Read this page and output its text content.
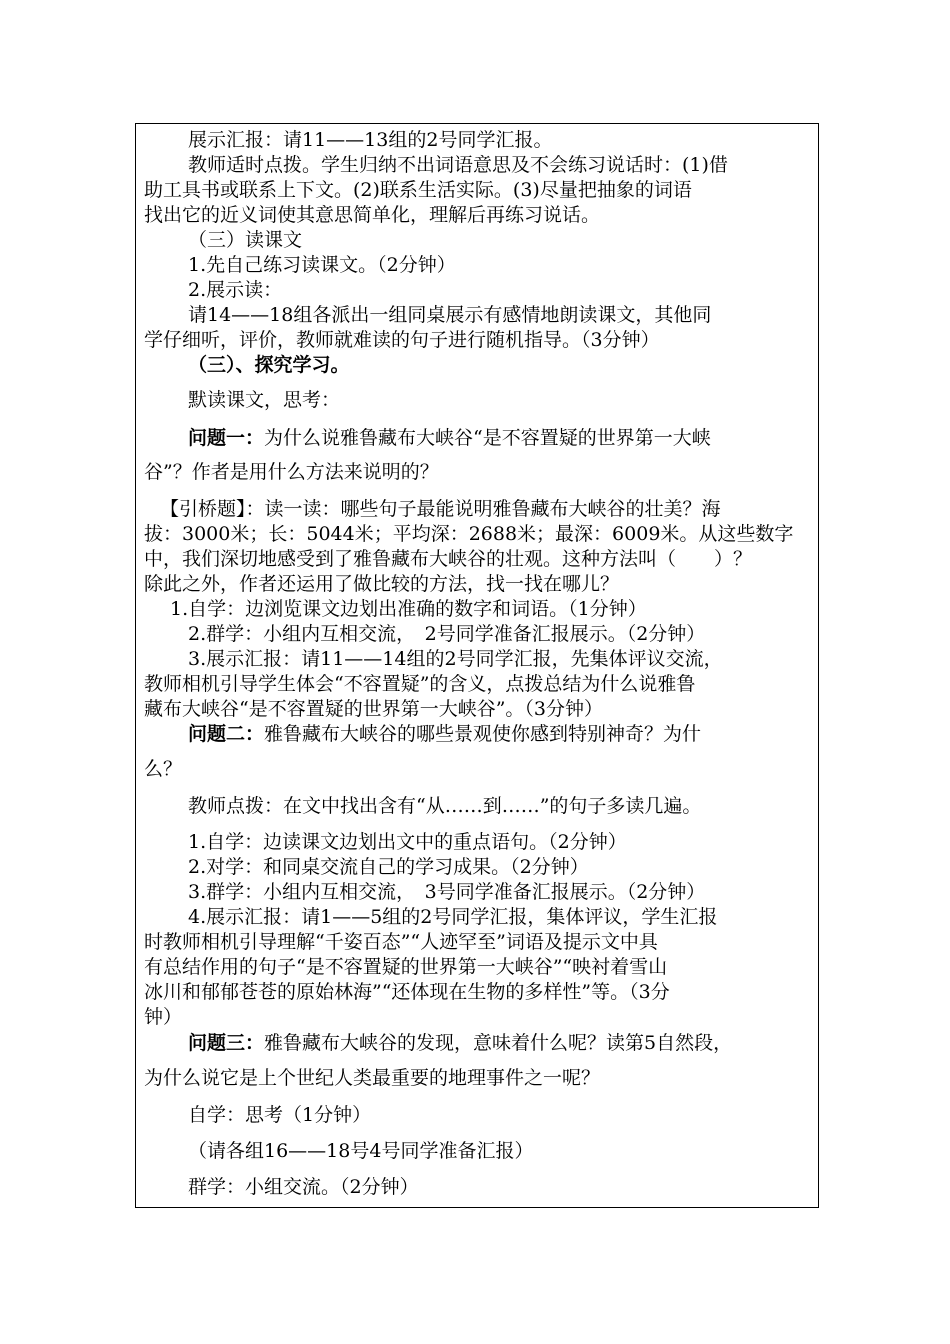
展示汇报：请11——13组的2号同学汇报。

教师适时点拨。学生归纳不出词语意思及不会练习说话时：(1)借

助工具书或联系上下文。(2)联系生活实际。(3)尽量把抽象的词语

找出它的近义词使其意思简单化，理解后再练习说话。

（三）读课文

1.先自己练习读课文。（2分钟）

2.展示读：

请14——18组各派出一组同桌展示有感情地朗读课文，其他同

学仔细听，评价，教师就难读的句子进行随机指导。（3分钟）

（三）、探究学习。

默读课文，思考：

问题一：为什么说雅鲁藏布大峡谷“是不容置疑的世界第一大峡

谷”？作者是用什么方法来说明的？

【引桥题】：读一读：哪些句子最能说明雅鲁藏布大峡谷的壮美？海

拔：3000米；长：5044米；平均深：2688米；最深：6009米。从这些数字

中，我们深切地感受到了雅鲁藏布大峡谷的壮观。这种方法叫（　　）？

除此之外，作者还运用了做比较的方法，找一找在哪儿？

1.自学：边浏览课文边划出准确的数字和词语。（1分钟）

2.群学：小组内互相交流，　2号同学准备汇报展示。（2分钟）

3.展示汇报：请11——14组的2号同学汇报，先集体评议交流，

教师相机引导学生体会“不容置疑”的含义，点拨总结为什么说雅鲁

藏布大峡谷“是不容置疑的世界第一大峡谷”。（3分钟）

问题二：雅鲁藏布大峡谷的哪些景观使你感到特别神奇？为什

么？

教师点拨：在文中找出含有“从……到……”的句子多读几遍。

1.自学：边读课文边划出文中的重点语句。（2分钟）

2.对学：和同桌交流自己的学习成果。（2分钟）

3.群学：小组内互相交流，　3号同学准备汇报展示。（2分钟）

4.展示汇报：请1——5组的2号同学汇报，集体评议，学生汇报

时教师相机引导理解“千姿百态”“人迹罕至”词语及提示文中具

有总结作用的句子“是不容置疑的世界第一大峡谷”“映衬着雪山

冰川和郁郁苍苍的原始林海”“还体现在生物的多样性”等。（3分

钟）

问题三：雅鲁藏布大峡谷的发现，意味着什么呢？读第5自然段，

为什么说它是上个世纪人类最重要的地理事件之一呢？

自学：思考（1分钟）

（请各组16——18号4号同学准备汇报）

群学：小组交流。（2分钟）
